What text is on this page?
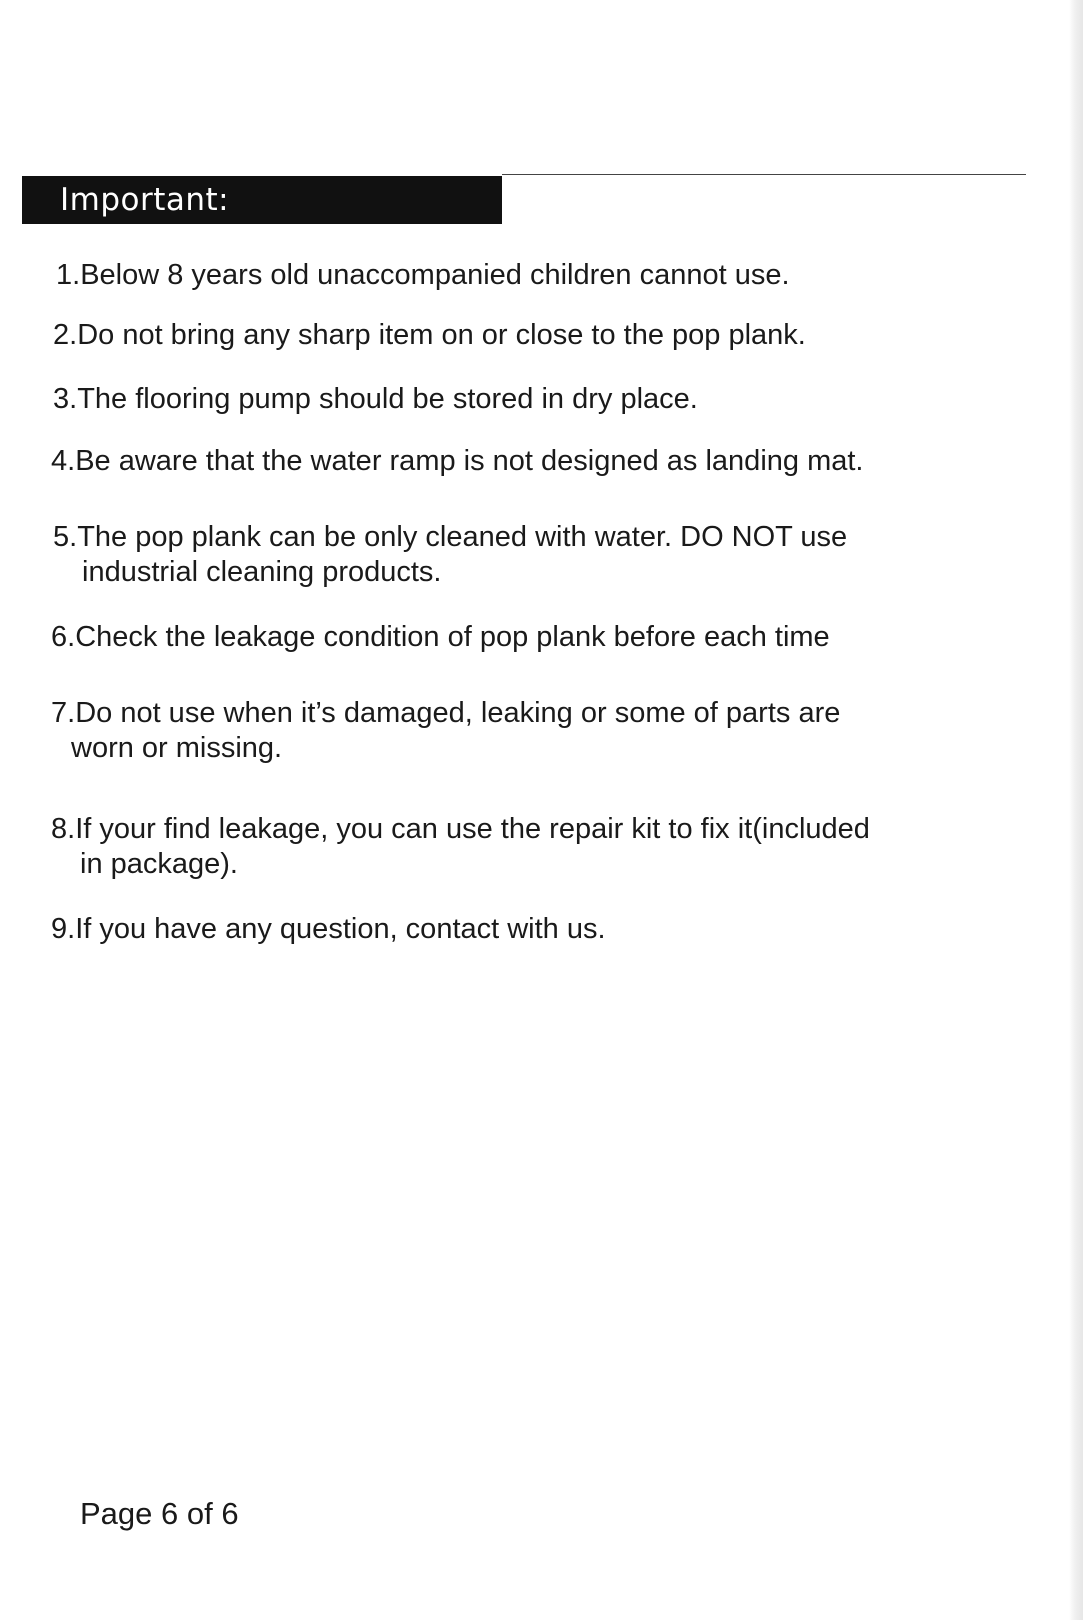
Important:
1.Below 8 years old unaccompanied children cannot use.
2.Do not bring any sharp item on or close to the pop plank.
3.The flooring pump should be stored in dry place.
4.Be aware that the water ramp is not designed as landing mat.
5.The pop plank can be only cleaned with water. DO NOT use
industrial cleaning products.
6.Check the leakage condition of pop plank before each time
7.Do not use when it’s damaged, leaking or some of parts are
worn or missing.
8.If your find leakage, you can use the repair kit to fix it(included
in package).
9.If you have any question, contact with us.
Page 6 of 6
